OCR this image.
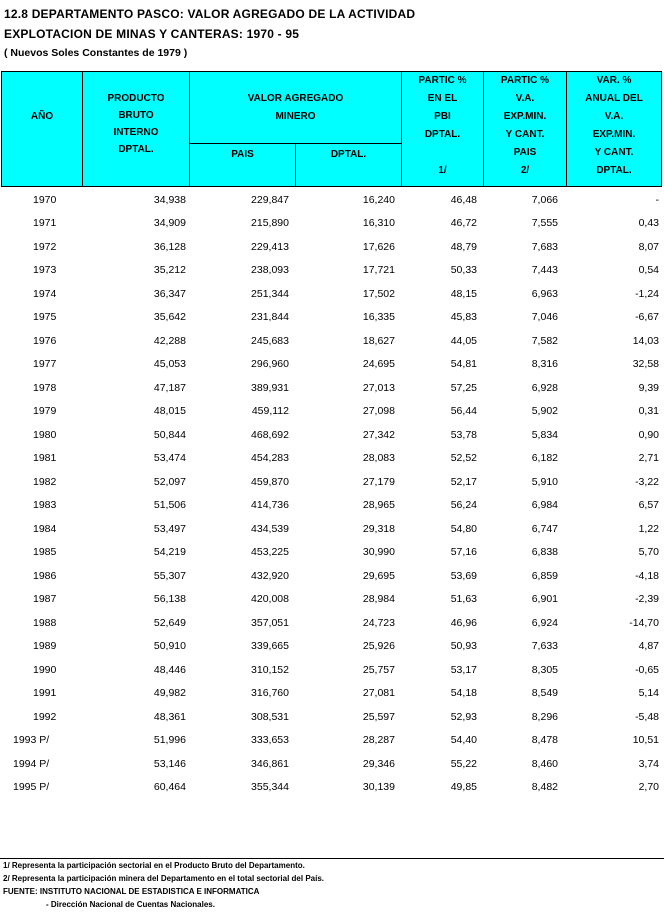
12.8 DEPARTAMENTO PASCO: VALOR AGREGADO DE LA ACTIVIDAD
EXPLOTACION DE MINAS Y CANTERAS: 1970 - 95
( Nuevos Soles Constantes de 1979 )
AÑO
PRODUCTO
BRUTO
INTERNO
DPTAL.
VALOR AGREGADO
MINERO
PAIS	DPTAL.
PARTIC %
EN EL
PBI
DPTAL.
1/
PARTIC %
V.A.
EXP.MIN.
Y CANT.
PAIS
2/
VAR. %
ANUAL DEL
V.A.
EXP.MIN.
Y CANT.
DPTAL.
1970	34,938	229,847	16,240	46,48	7,066	-
1971	34,909	215,890	16,310	46,72	7,555	0,43
1972	36,128	229,413	17,626	48,79	7,683	8,07
1973	35,212	238,093	17,721	50,33	7,443	0,54
1974	36,347	251,344	17,502	48,15	6,963	-1,24
1975	35,642	231,844	16,335	45,83	7,046	-6,67
1976	42,288	245,683	18,627	44,05	7,582	14,03
1977	45,053	296,960	24,695	54,81	8,316	32,58
1978	47,187	389,931	27,013	57,25	6,928	9,39
1979	48,015	459,112	27,098	56,44	5,902	0,31
1980	50,844	468,692	27,342	53,78	5,834	0,90
1981	53,474	454,283	28,083	52,52	6,182	2,71
1982	52,097	459,870	27,179	52,17	5,910	-3,22
1983	51,506	414,736	28,965	56,24	6,984	6,57
1984	53,497	434,539	29,318	54,80	6,747	1,22
1985	54,219	453,225	30,990	57,16	6,838	5,70
1986	55,307	432,920	29,695	53,69	6,859	-4,18
1987	56,138	420,008	28,984	51,63	6,901	-2,39
1988	52,649	357,051	24,723	46,96	6,924	-14,70
1989	50,910	339,665	25,926	50,93	7,633	4,87
1990	48,446	310,152	25,757	53,17	8,305	-0,65
1991	49,982	316,760	27,081	54,18	8,549	5,14
1992	48,361	308,531	25,597	52,93	8,296	-5,48
1993 P/	51,996	333,653	28,287	54,40	8,478	10,51
1994 P/	53,146	346,861	29,346	55,22	8,460	3,74
1995 P/	60,464	355,344	30,139	49,85	8,482	2,70
1/ Representa la participación sectorial en el Producto Bruto del Departamento.
2/ Representa la participación minera del Departamento en el total sectorial del País.
FUENTE: INSTITUTO NACIONAL DE ESTADISTICA E INFORMATICA
- Dirección Nacional de Cuentas Nacionales.
